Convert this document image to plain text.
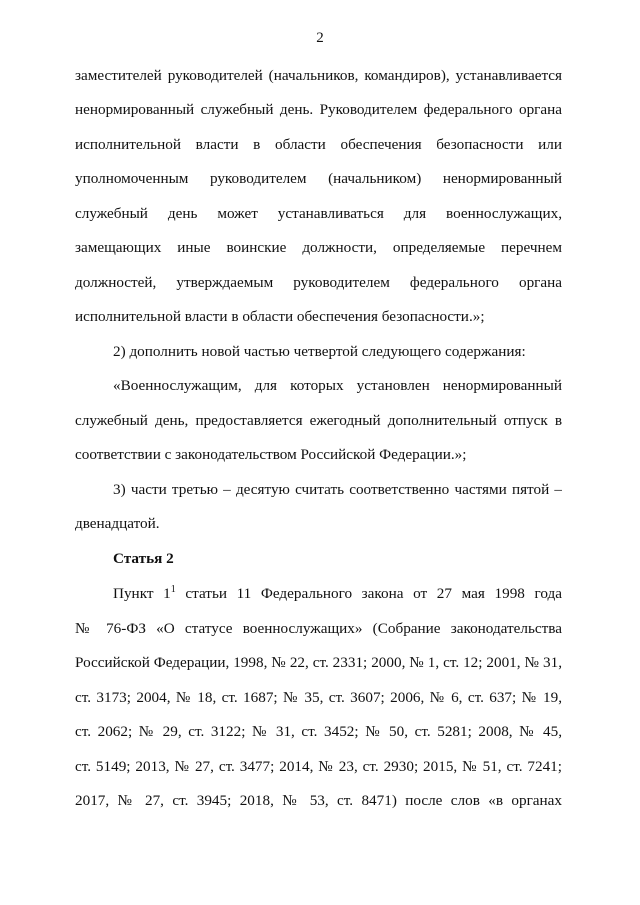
2
заместителей руководителей (начальников, командиров), устанавливается
ненормированный служебный день. Руководителем федерального органа
исполнительной власти в области обеспечения безопасности или
уполномоченным руководителем (начальником) ненормированный
служебный день может устанавливаться для военнослужащих,
замещающих иные воинские должности, определяемые перечнем
должностей, утверждаемым руководителем федерального органа
исполнительной власти в области обеспечения безопасности.»;
2) дополнить новой частью четвертой следующего содержания:
«Военнослужащим, для которых установлен ненормированный
служебный день, предоставляется ежегодный дополнительный отпуск в
соответствии с законодательством Российской Федерации.»;
3) части третью – десятую считать соответственно частями пятой –
двенадцатой.
Статья 2
Пункт $1^1$ статьи 11 Федерального закона от 27 мая 1998 года
№ 76-ФЗ «О статусе военнослужащих» (Собрание законодательства
Российской Федерации, 1998, № 22, ст. 2331; 2000, № 1, ст. 12; 2001, № 31,
ст. 3173; 2004, № 18, ст. 1687; № 35, ст. 3607; 2006, № 6, ст. 637; № 19,
ст. 2062; № 29, ст. 3122; № 31, ст. 3452; № 50, ст. 5281; 2008, № 45,
ст. 5149; 2013, № 27, ст. 3477; 2014, № 23, ст. 2930; 2015, № 51, ст. 7241;
2017, № 27, ст. 3945; 2018, № 53, ст. 8471) после слов «в органах
